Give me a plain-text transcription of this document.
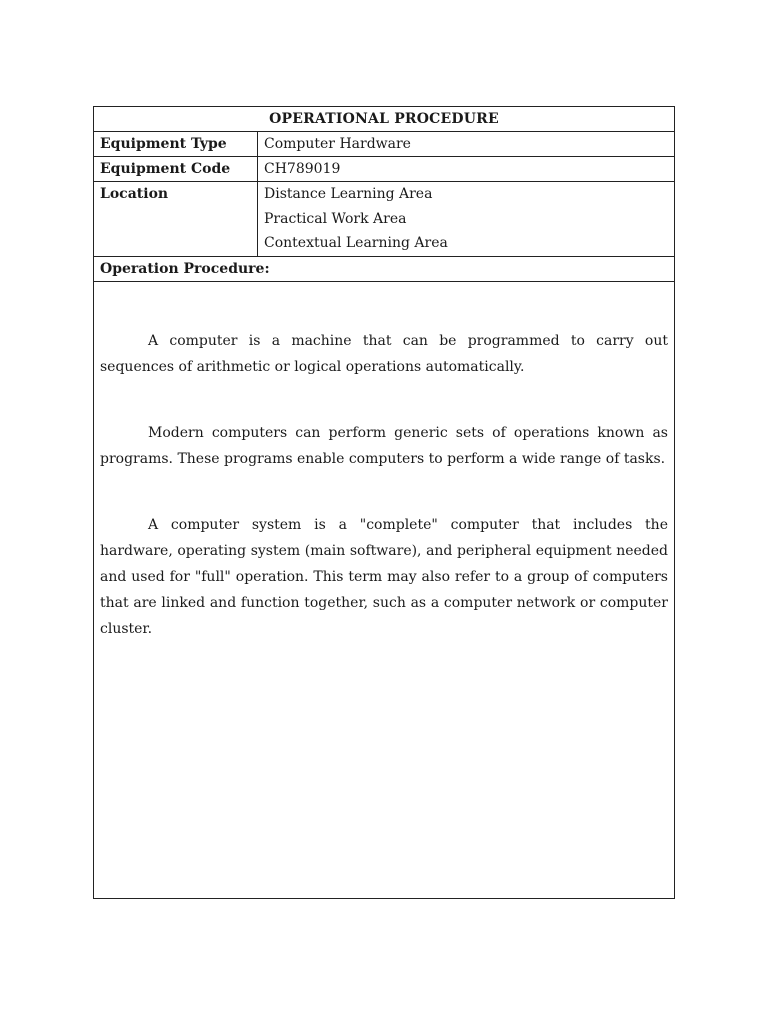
OPERATIONAL PROCEDURE
Equipment Type	Computer Hardware
Equipment Code	CH789019
Location	Distance Learning Area
Practical Work Area
Contextual Learning Area
Operation Procedure:

A computer is a machine that can be programmed to carry out sequences of arithmetic or logical operations automatically.

Modern computers can perform generic sets of operations known as programs. These programs enable computers to perform a wide range of tasks.

A computer system is a "complete" computer that includes the hardware, operating system (main software), and peripheral equipment needed and used for "full" operation. This term may also refer to a group of computers that are linked and function together, such as a computer network or computer cluster.
